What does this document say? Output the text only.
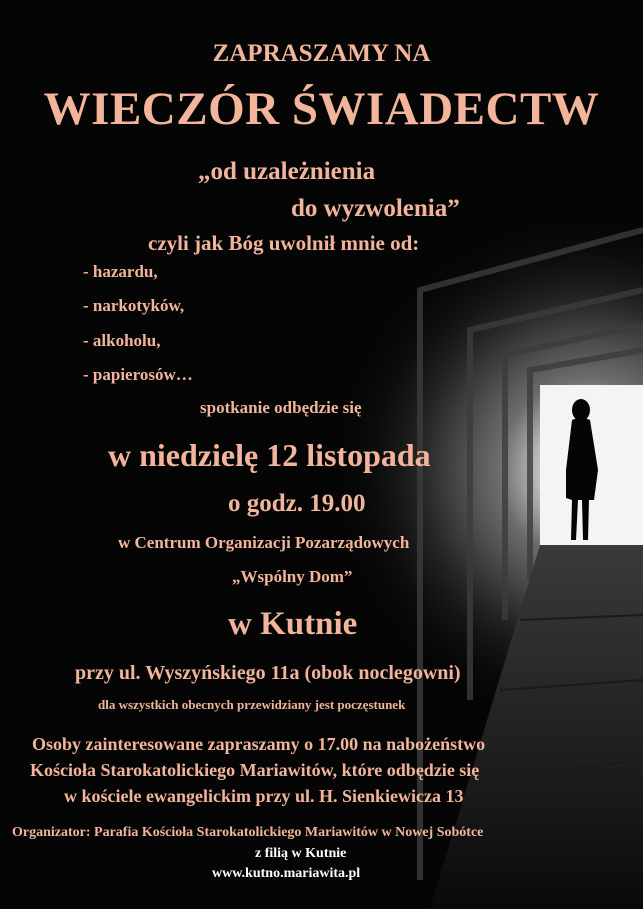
ZAPRASZAMY NA
WIECZÓR ŚWIADECTW
„od uzależnienia
do wyzwolenia”
czyli jak Bóg uwolnił mnie od:
- hazardu,
- narkotyków,
- alkoholu,
- papierosów…
spotkanie odbędzie się
w niedzielę 12 listopada
o godz. 19.00
w Centrum Organizacji Pozarządowych
„Wspólny Dom”
w Kutnie
przy ul. Wyszyńskiego 11a (obok noclegowni)
dla wszystkich obecnych przewidziany jest poczęstunek
Osoby zainteresowane zapraszamy o 17.00 na nabożeństwo
Kościoła Starokatolickiego Mariawitów, które odbędzie się
w kościele ewangelickim przy ul. H. Sienkiewicza 13
Organizator: Parafia Kościoła Starokatolickiego Mariawitów w Nowej Sobótce
z filią w Kutnie
www.kutno.mariawita.pl
